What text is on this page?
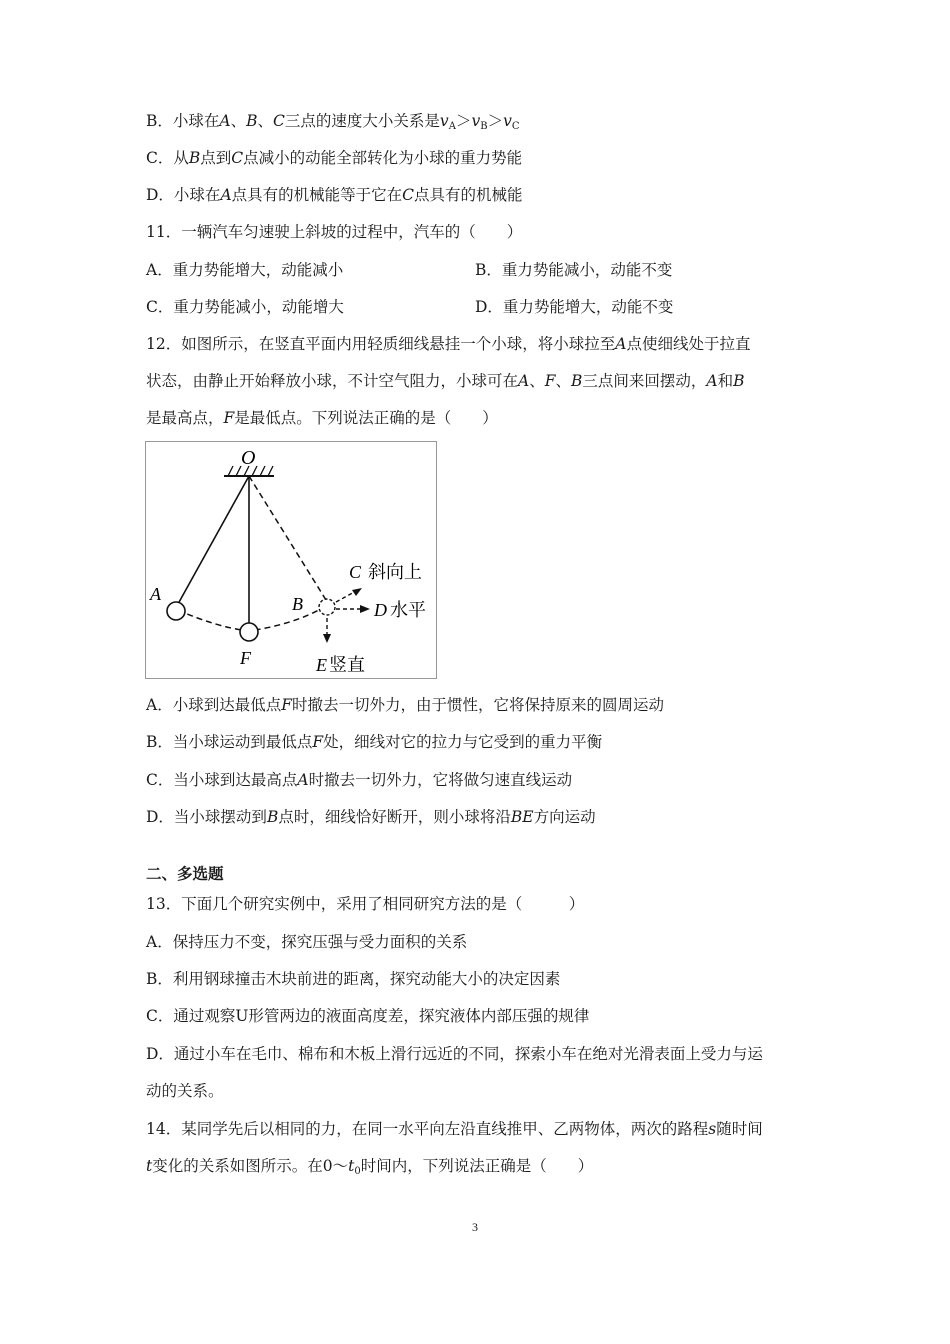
B．小球在A、B、C三点的速度大小关系是$v_A>v_B>v_C$
C．从B点到C点减小的动能全部转化为小球的重力势能
D．小球在A点具有的机械能等于它在C点具有的机械能
11．一辆汽车匀速驶上斜坡的过程中，汽车的（　　）
A．重力势能增大，动能减小	B．重力势能减小，动能不变
C．重力势能减小，动能增大	D．重力势能增大，动能不变
12．如图所示，在竖直平面内用轻质细线悬挂一个小球，将小球拉至A点使细线处于拉直
状态，由静止开始释放小球，不计空气阻力，小球可在A、F、B三点间来回摆动，A和B
是最高点，F是最低点。下列说法正确的是（　　）
O
A
F
B
C 斜向上
D 水平
E 竖直
A．小球到达最低点F时撤去一切外力，由于惯性，它将保持原来的圆周运动
B．当小球运动到最低点F处，细线对它的拉力与它受到的重力平衡
C．当小球到达最高点A时撤去一切外力，它将做匀速直线运动
D．当小球摆动到B点时，细线恰好断开，则小球将沿BE方向运动
二、多选题
13．下面几个研究实例中，采用了相同研究方法的是（　　　）
A．保持压力不变，探究压强与受力面积的关系
B．利用钢球撞击木块前进的距离，探究动能大小的决定因素
C．通过观察U形管两边的液面高度差，探究液体内部压强的规律
D．通过小车在毛巾、棉布和木板上滑行远近的不同，探索小车在绝对光滑表面上受力与运
动的关系。
14．某同学先后以相同的力，在同一水平向左沿直线推甲、乙两物体，两次的路程s随时间
t变化的关系如图所示。在$0\sim t_0$时间内，下列说法正确是（　　）
3
